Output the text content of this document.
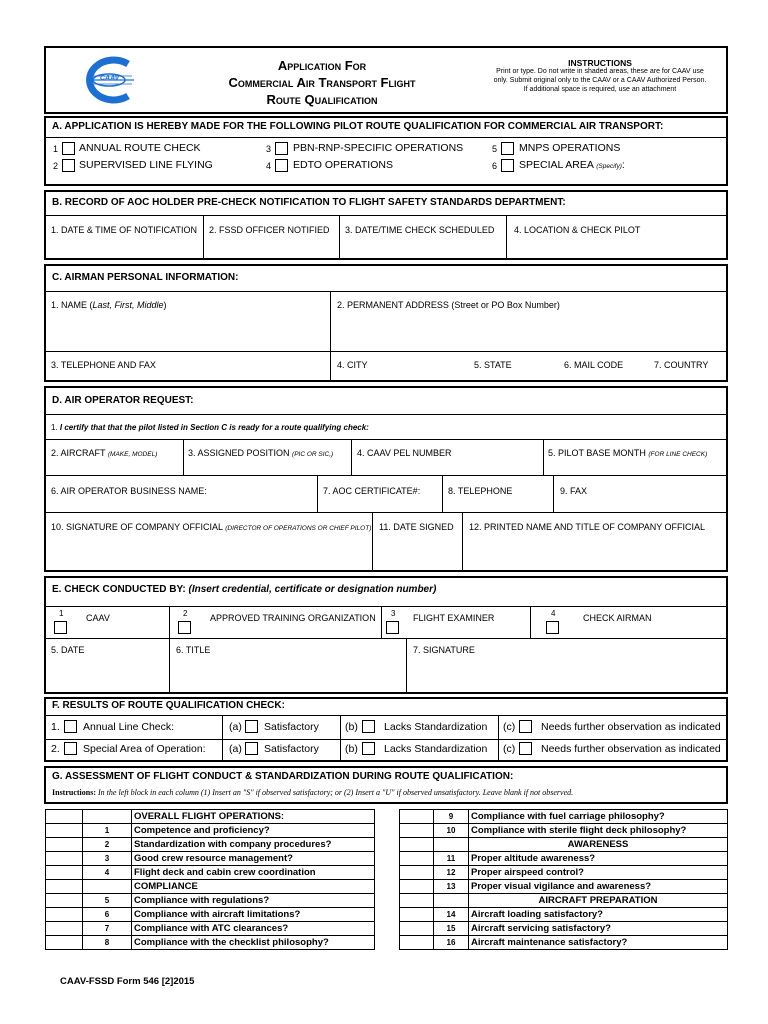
CAAV
Application For
Commercial Air Transport Flight
Route Qualification
INSTRUCTIONS
Print or type. Do not write in shaded areas, these are for CAAV use
only. Submit original only to the CAAV or a CAAV Authorized Person.
If additional space is required, use an attachment
A. APPLICATION IS HEREBY MADE FOR THE FOLLOWING PILOT ROUTE QUALIFICATION FOR COMMERCIAL AIR TRANSPORT:
1 ANNUAL ROUTE CHECK
2 SUPERVISED LINE FLYING
3 PBN-RNP-SPECIFIC OPERATIONS
4 EDTO OPERATIONS
5 MNPS OPERATIONS
6 SPECIAL AREA (Specify):
B. RECORD OF AOC HOLDER PRE-CHECK NOTIFICATION TO FLIGHT SAFETY STANDARDS DEPARTMENT:
1. DATE & TIME OF NOTIFICATION 2. FSSD OFFICER NOTIFIED 3. DATE/TIME CHECK SCHEDULED 4. LOCATION & CHECK PILOT
C. AIRMAN PERSONAL INFORMATION:
1. NAME (Last, First, Middle)	2. PERMANENT ADDRESS (Street or PO Box Number)
3. TELEPHONE AND FAX	4. CITY	5. STATE	6. MAIL CODE	7. COUNTRY
D. AIR OPERATOR REQUEST:
1. I certify that that the pilot listed in Section C is ready for a route qualifying check:
2. AIRCRAFT (MAKE, MODEL)	3. ASSIGNED POSITION (PIC OR SIC,)	4. CAAV PEL NUMBER	5. PILOT BASE MONTH (FOR LINE CHECK)
6. AIR OPERATOR BUSINESS NAME:	7. AOC CERTIFICATE#:	8. TELEPHONE	9. FAX
10. SIGNATURE OF COMPANY OFFICIAL (DIRECTOR OF OPERATIONS OR CHIEF PILOT) 11. DATE SIGNED 12. PRINTED NAME AND TITLE OF COMPANY OFFICIAL
E. CHECK CONDUCTED BY: (Insert credential, certificate or designation number)
1	CAAV	2	APPROVED TRAINING ORGANIZATION 3 FLIGHT EXAMINER	4	CHECK AIRMAN
5. DATE	6. TITLE	7. SIGNATURE
F. RESULTS OF ROUTE QUALIFICATION CHECK:
1. Annual Line Check:	(a) Satisfactory (b) Lacks Standardization (c) Needs further observation as indicated
2. Special Area of Operation: (a) Satisfactory (b) Lacks Standardization (c) Needs further observation as indicated
G. ASSESSMENT OF FLIGHT CONDUCT & STANDARDIZATION DURING ROUTE QUALIFICATION:
Instructions: In the left block in each column (1) Insert an "S" if observed satisfactory; or (2) Insert a "U" if observed unsatisfactory. Leave blank if not observed.
		OVERALL FLIGHT OPERATIONS:
	1	Competence and proficiency?
	2	Standardization with company procedures?
	3	Good crew resource management?
	4	Flight deck and cabin crew coordination
		COMPLIANCE
	5	Compliance with regulations?
	6	Compliance with aircraft limitations?
	7	Compliance with ATC clearances?
	8	Compliance with the checklist philosophy?
	9	Compliance with fuel carriage philosophy?
	10	Compliance with sterile flight deck philosophy?
		AWARENESS
	11	Proper altitude awareness?
	12	Proper airspeed control?
	13	Proper visual vigilance and awareness?
		AIRCRAFT PREPARATION
	14	Aircraft loading satisfactory?
	15	Aircraft servicing satisfactory?
	16	Aircraft maintenance satisfactory?
CAAV-FSSD Form 546 [2]2015
